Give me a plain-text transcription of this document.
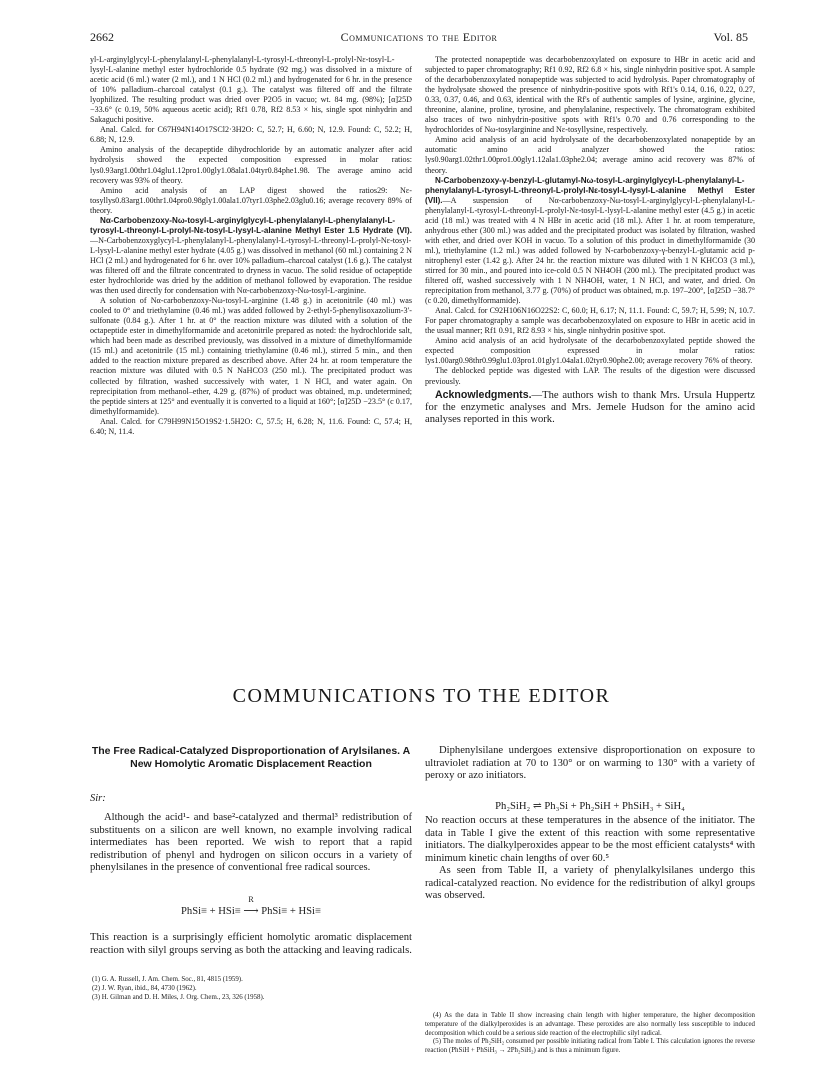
2662	Communications to the Editor	Vol. 85

yl-L-arginylglycyl-L-phenylalanyl-L-phenylalanyl-L-tyrosyl-L-threonyl-L-prolyl-Nε-tosyl-L-lysyl-L-alanine methyl ester hydrochloride 0.5 hydrate (92 mg.) was dissolved in a mixture of acetic acid (6 ml.) water (2 ml.), and 1 N HCl (0.2 ml.) and hydrogenated for 6 hr. in the presence of 10% palladium–charcoal catalyst (0.1 g.). The catalyst was filtered off and the filtrate lyophilized. The resulting product was dried over P2O5 in vacuo; wt. 84 mg. (98%); [α]25D −33.6° (c 0.19, 50% aqueous acetic acid); Rf1 0.78, Rf2 8.53 × his, single spot ninhydrin and Sakaguchi positive.

Anal. Calcd. for C67H94N14O17SCl2·3H2O: C, 52.7; H, 6.60; N, 12.9. Found: C, 52.2; H, 6.88; N, 12.9.

Amino analysis of the decapeptide dihydrochloride by an automatic analyzer after acid hydrolysis showed the expected composition expressed in molar ratios: lys0.93arg1.00thr1.04glu1.12pro1.00gly1.08ala1.04tyr0.84phe1.98. The average amino acid recovery was 93% of theory.

Amino acid analysis of an LAP digest showed the ratios29: Nε-tosyllys0.83arg1.00thr1.04pro0.98gly1.00ala1.07tyr1.03phe2.03glu0.16; average recovery 89% of theory.

Nα-Carbobenzoxy-Nω-tosyl-L-arginylglycyl-L-phenylalanyl-L-phenylalanyl-L-tyrosyl-L-threonyl-L-prolyl-Nε-tosyl-L-lysyl-L-alanine Methyl Ester 1.5 Hydrate (VI).—N-Carbobenzoxyglycyl-L-phenylalanyl-L-phenylalanyl-L-tyrosyl-L-threonyl-L-prolyl-Nε-tosyl-L-lysyl-L-alanine methyl ester hydrate (4.05 g.) was dissolved in methanol (60 ml.) containing 2 N HCl (2 ml.) and hydrogenated for 6 hr. over 10% palladium–charcoal catalyst (1.6 g.). The catalyst was filtered off and the filtrate concentrated to dryness in vacuo. The solid residue of octapeptide ester hydrochloride was dried by the addition of methanol followed by evaporation. The residue was then used directly for condensation with Nα-carbobenzoxy-Nω-tosyl-L-arginine.

A solution of Nα-carbobenzoxy-Nω-tosyl-L-arginine (1.48 g.) in acetonitrile (40 ml.) was cooled to 0° and triethylamine (0.46 ml.) was added followed by 2-ethyl-5-phenylisoxazolium-3′-sulfonate (0.84 g.). After 1 hr. at 0° the reaction mixture was diluted with a solution of the octapeptide ester in dimethylformamide and acetonitrile prepared as noted: the hydrochloride salt, which had been made as described previously, was dissolved in a mixture of dimethylformamide (15 ml.) and acetonitrile (15 ml.) containing triethylamine (0.46 ml.), stirred 5 min., and then added to the reaction mixture prepared as described above. After 24 hr. at room temperature the reaction mixture was diluted with 0.5 N NaHCO3 (250 ml.). The precipitated product was collected by filtration, washed successively with water, 1 N HCl, and water again. On reprecipitation from methanol–ether, 4.29 g. (87%) of product was obtained, m.p. undetermined; the peptide sinters at 125° and eventually it is converted to a liquid at 160°; [α]25D −23.5° (c 0.17, dimethylformamide).

Anal. Calcd. for C79H99N15O19S2·1.5H2O: C, 57.5; H, 6.28; N, 11.6. Found: C, 57.4; H, 6.40; N, 11.4.

The protected nonapeptide was decarbobenzoxylated on exposure to HBr in acetic acid and subjected to paper chromatography; Rf1 0.92, Rf2 6.8 × his, single ninhydrin positive spot. A sample of the decarbobenzoxylated nonapeptide was subjected to acid hydrolysis. Paper chromatography of the hydrolysate showed the presence of ninhydrin-positive spots with Rf1's 0.14, 0.16, 0.22, 0.27, 0.33, 0.37, 0.46, and 0.63, identical with the Rf's of authentic samples of lysine, arginine, glycine, threonine, alanine, proline, tyrosine, and phenylalanine, respectively. The chromatogram exhibited also traces of two ninhydrin-positive spots with Rf1's 0.70 and 0.76 corresponding to the hydrochlorides of Nω-tosylarginine and Nε-tosyllysine, respectively.

Amino acid analysis of an acid hydrolysate of the decarbobenzoxylated nonapeptide by an automatic amino acid analyzer showed the ratios: lys0.90arg1.02thr1.00pro1.00gly1.12ala1.03phe2.04; average amino acid recovery was 87% of theory.

N-Carbobenzoxy-γ-benzyl-L-glutamyl-Nω-tosyl-L-arginylglycyl-L-phenylalanyl-L-phenylalanyl-L-tyrosyl-L-threonyl-L-prolyl-Nε-tosyl-L-lysyl-L-alanine Methyl Ester (VII).—A suspension of Nα-carbobenzoxy-Nω-tosyl-L-arginylglycyl-L-phenylalanyl-L-phenylalanyl-L-tyrosyl-L-threonyl-L-prolyl-Nε-tosyl-L-lysyl-L-alanine methyl ester (4.5 g.) in acetic acid (18 ml.) was treated with 4 N HBr in acetic acid (18 ml.). After 1 hr. at room temperature, anhydrous ether (300 ml.) was added and the precipitated product was isolated by filtration, washed with ether, and dried over KOH in vacuo. To a solution of this product in dimethylformamide (30 ml.), triethylamine (1.2 ml.) was added followed by N-carbobenzoxy-γ-benzyl-L-glutamic acid p-nitrophenyl ester (1.42 g.). After 24 hr. the reaction mixture was diluted with 1 N KHCO3 (3 ml.), stirred for 30 min., and poured into ice-cold 0.5 N NH4OH (200 ml.). The precipitated product was filtered off, washed successively with 1 N NH4OH, water, 1 N HCl, and water, and dried. On reprecipitation from methanol, 3.77 g. (70%) of product was obtained, m.p. 197–200°, [α]25D −38.7° (c 0.20, dimethylformamide).

Anal. Calcd. for C92H106N16O22S2: C, 60.0; H, 6.17; N, 11.1. Found: C, 59.7; H, 5.99; N, 10.7. For paper chromatography a sample was decarbobenzoxylated on exposure to HBr in acetic acid in the usual manner; Rf1 0.91, Rf2 8.93 × his, single ninhydrin positive spot.

Amino acid analysis of an acid hydrolysate of the decarbobenzoxylated peptide showed the expected composition expressed in molar ratios: lys1.00arg0.98thr0.99glu1.03pro1.01gly1.04ala1.02tyr0.90phe2.00; average recovery 76% of theory.

The deblocked peptide was digested with LAP. The results of the digestion were discussed previously.

Acknowledgments.—The authors wish to thank Mrs. Ursula Huppertz for the enzymetic analyses and Mrs. Jemele Hudson for the amino acid analyses reported in this work.

COMMUNICATIONS TO THE EDITOR
The Free Radical-Catalyzed Disproportionation of Arylsilanes. A New Homolytic Aromatic Displacement Reaction
Sir:

Although the acid¹- and base²-catalyzed and thermal³ redistribution of substituents on a silicon are well known, no example involving radical intermediates has been reported. We wish to report that a rapid redistribution of phenyl and hydrogen on silicon occurs in a variety of phenylsilanes in the presence of conventional free radical sources.

R
PhSi≡ + HSi≡ ⟶ PhSi≡ + HSi≡

This reaction is a surprisingly efficient homolytic aromatic displacement reaction with silyl groups serving as both the attacking and leaving radicals.

(1) G. A. Russell, J. Am. Chem. Soc., 81, 4815 (1959).

(2) J. W. Ryan, ibid., 84, 4730 (1962).

(3) H. Gilman and D. H. Miles, J. Org. Chem., 23, 326 (1958).

Diphenylsilane undergoes extensive disproportionation on exposure to ultraviolet radiation at 70 to 130° or on warming to 130° with a variety of peroxy or azo initiators.

Ph₂SiH₂ ⇌ Ph₃Si + Ph₂SiH + PhSiH₃ + SiH₄

No reaction occurs at these temperatures in the absence of the initiator. The data in Table I give the extent of this reaction with some representative initiators. The dialkylperoxides appear to be the most efficient catalysts⁴ with minimum kinetic chain lengths of over 60.⁵

As seen from Table II, a variety of phenylalkylsilanes undergo this radical-catalyzed reaction. No evidence for the redistribution of alkyl groups was observed.

(4) As the data in Table II show increasing chain length with higher temperature, the higher decomposition temperature of the dialkylperoxides is an advantage. These peroxides are also normally less susceptible to induced decomposition which could be a serious side reaction of the electrophilic silyl radical.

(5) The moles of Ph₂SiH₂ consumed per possible initiating radical from Table I. This calculation ignores the reverse reaction (PhSiH + PhSiH₃ → 2Ph₂SiH₂) and is thus a minimum figure.
